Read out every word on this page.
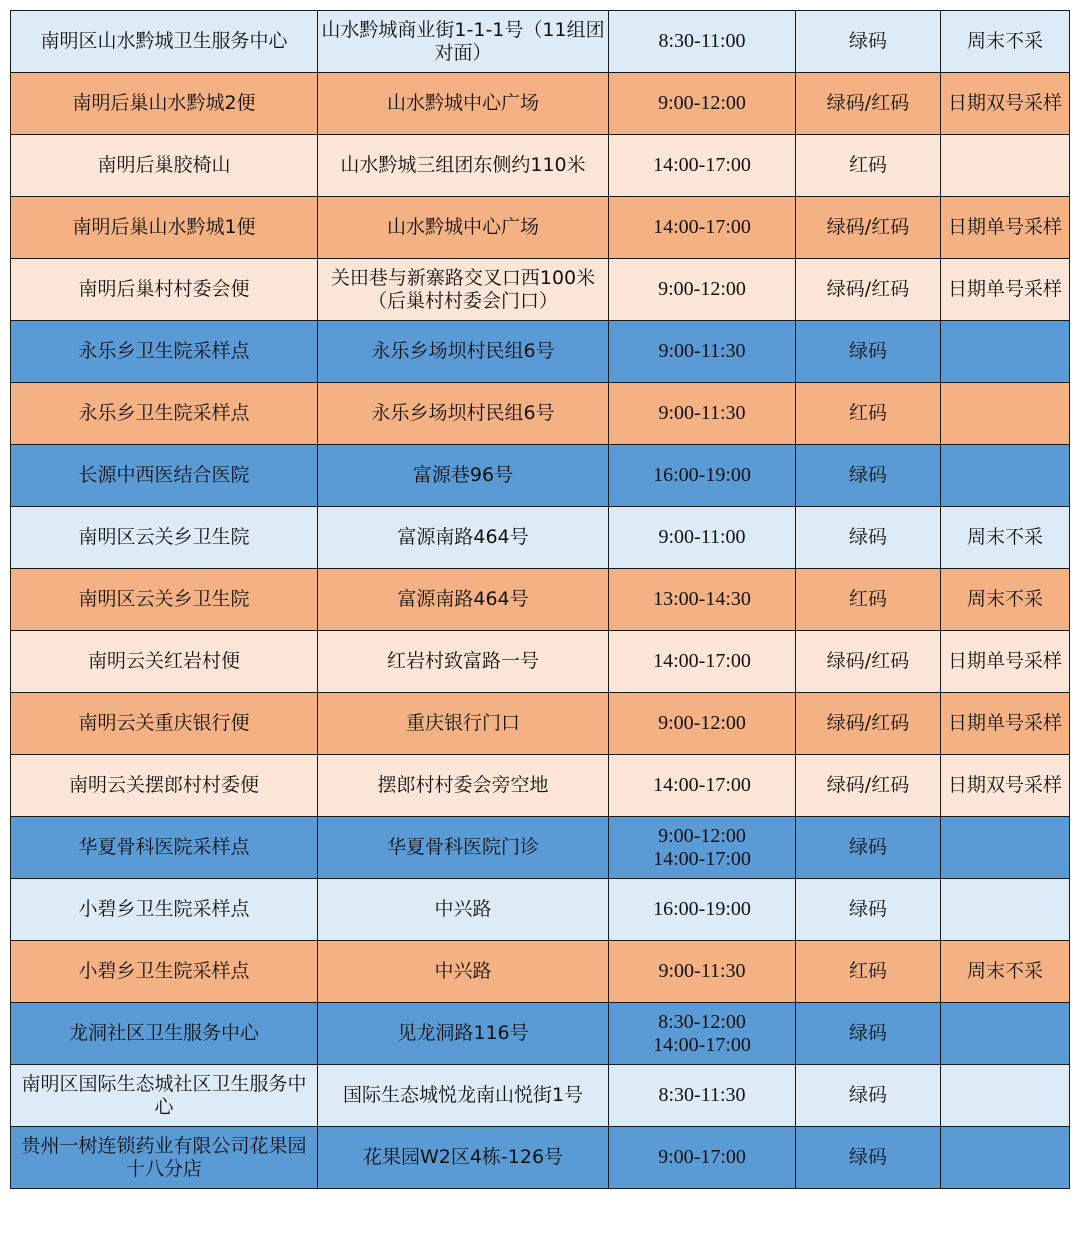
南明区山水黔城卫生服务中心	山水黔城商业街1-1-1号（11组团
对面）	8:30-11:00	绿码	周末不采

南明后巢山水黔城2便	山水黔城中心广场	9:00-12:00	绿码/红码	日期双号采样

南明后巢胶椅山	山水黔城三组团东侧约110米	14:00-17:00	红码	

南明后巢山水黔城1便	山水黔城中心广场	14:00-17:00	绿码/红码	日期单号采样

南明后巢村村委会便	关田巷与新寨路交叉口西100米
（后巢村村委会门口）	9:00-12:00	绿码/红码	日期单号采样

永乐乡卫生院采样点	永乐乡场坝村民组6号	9:00-11:30	绿码	

永乐乡卫生院采样点	永乐乡场坝村民组6号	9:00-11:30	红码	

长源中西医结合医院	富源巷96号	16:00-19:00	绿码	

南明区云关乡卫生院	富源南路464号	9:00-11:00	绿码	周末不采

南明区云关乡卫生院	富源南路464号	13:00-14:30	红码	周末不采

南明云关红岩村便	红岩村致富路一号	14:00-17:00	绿码/红码	日期单号采样

南明云关重庆银行便	重庆银行门口	9:00-12:00	绿码/红码	日期单号采样

南明云关摆郎村村委便	摆郎村村委会旁空地	14:00-17:00	绿码/红码	日期双号采样

华夏骨科医院采样点	华夏骨科医院门诊	9:00-12:00
14:00-17:00	绿码	

小碧乡卫生院采样点	中兴路	16:00-19:00	绿码	

小碧乡卫生院采样点	中兴路	9:00-11:30	红码	周末不采

龙洞社区卫生服务中心	见龙洞路116号	8:30-12:00
14:00-17:00	绿码	

南明区国际生态城社区卫生服务中
心	国际生态城悦龙南山悦街1号	8:30-11:30	绿码	

贵州一树连锁药业有限公司花果园
十八分店	花果园W2区4栋-126号	9:00-17:00	绿码	
